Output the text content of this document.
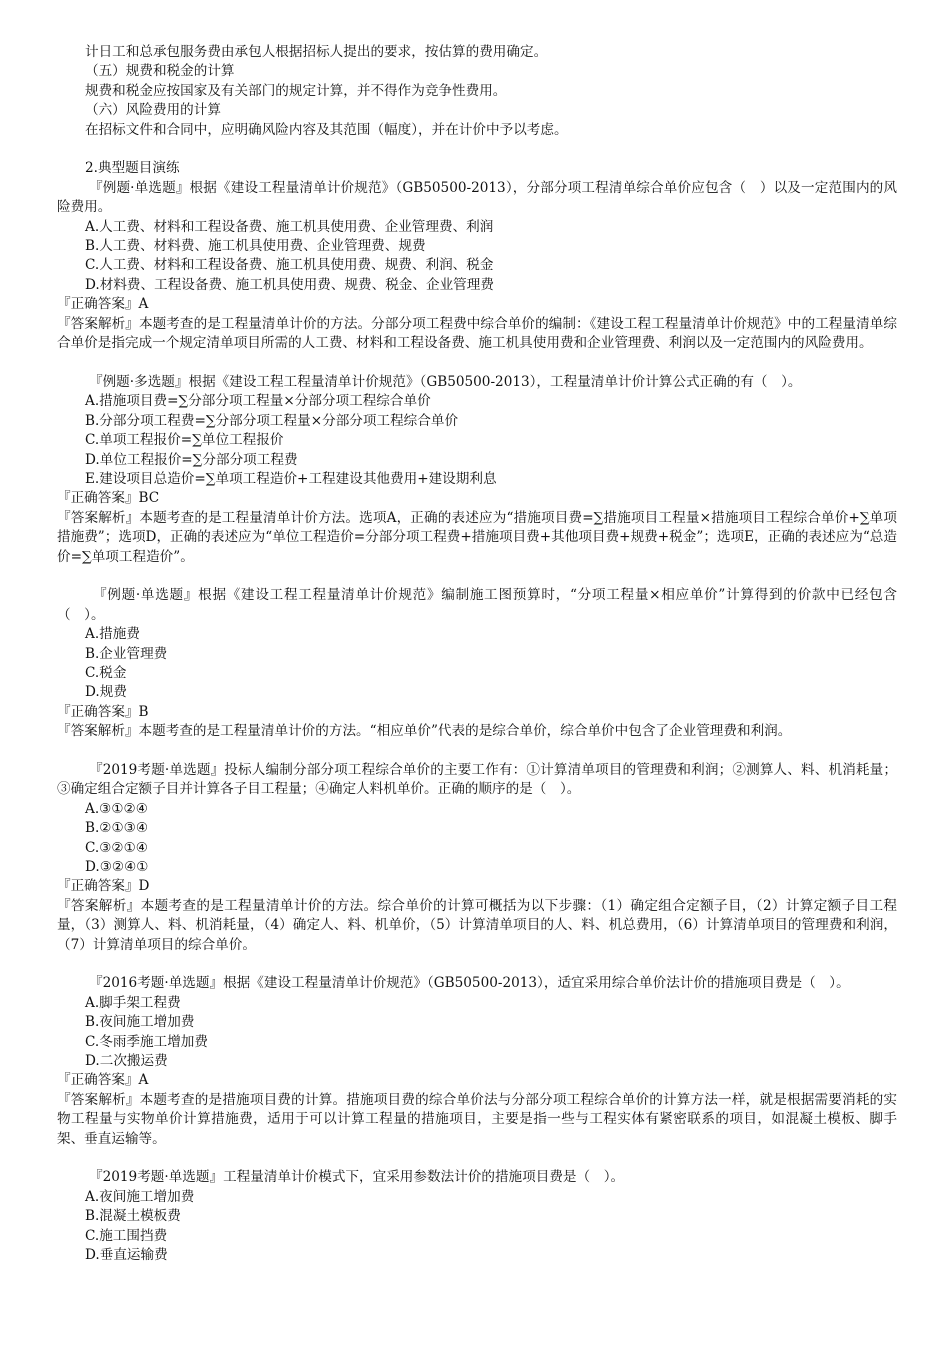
计日工和总承包服务费由承包人根据招标人提出的要求，按估算的费用确定。

（五）规费和税金的计算

规费和税金应按国家及有关部门的规定计算，并不得作为竞争性费用。

（六）风险费用的计算

在招标文件和合同中，应明确风险内容及其范围（幅度），并在计价中予以考虑。

2.典型题目演练

『例题·单选题』根据《建设工程量清单计价规范》（GB50500-2013），分部分项工程清单综合单价应包含（　）以及一定范围内的风险费用。

A.人工费、材料和工程设备费、施工机具使用费、企业管理费、利润

B.人工费、材料费、施工机具使用费、企业管理费、规费

C.人工费、材料和工程设备费、施工机具使用费、规费、利润、税金

D.材料费、工程设备费、施工机具使用费、规费、税金、企业管理费

『正确答案』A

『答案解析』本题考查的是工程量清单计价的方法。分部分项工程费中综合单价的编制：《建设工程工程量清单计价规范》中的工程量清单综合单价是指完成一个规定清单项目所需的人工费、材料和工程设备费、施工机具使用费和企业管理费、利润以及一定范围内的风险费用。

『例题·多选题』根据《建设工程工程量清单计价规范》（GB50500-2013），工程量清单计价计算公式正确的有（　）。

A.措施项目费=∑分部分项工程量×分部分项工程综合单价

B.分部分项工程费=∑分部分项工程量×分部分项工程综合单价

C.单项工程报价=∑单位工程报价

D.单位工程报价=∑分部分项工程费

E.建设项目总造价=∑单项工程造价+工程建设其他费用+建设期利息

『正确答案』BC

『答案解析』本题考查的是工程量清单计价方法。选项A，正确的表述应为“措施项目费=∑措施项目工程量×措施项目工程综合单价+∑单项措施费”；选项D，正确的表述应为“单位工程造价=分部分项工程费+措施项目费+其他项目费+规费+税金”；选项E，正确的表述应为“总造价=∑单项工程造价”。

『例题·单选题』根据《建设工程工程量清单计价规范》编制施工图预算时，“分项工程量×相应单价”计算得到的价款中已经包含（　）。

A.措施费

B.企业管理费

C.税金

D.规费

『正确答案』B

『答案解析』本题考查的是工程量清单计价的方法。“相应单价”代表的是综合单价，综合单价中包含了企业管理费和利润。

『2019考题·单选题』投标人编制分部分项工程综合单价的主要工作有：①计算清单项目的管理费和利润；②测算人、料、机消耗量；③确定组合定额子目并计算各子目工程量；④确定人料机单价。正确的顺序的是（　）。

A.③①②④

B.②①③④

C.③②①④

D.③②④①

『正确答案』D

『答案解析』本题考查的是工程量清单计价的方法。综合单价的计算可概括为以下步骤：（1）确定组合定额子目，（2）计算定额子目工程量，（3）测算人、料、机消耗量，（4）确定人、料、机单价，（5）计算清单项目的人、料、机总费用，（6）计算清单项目的管理费和利润，（7）计算清单项目的综合单价。

『2016考题·单选题』根据《建设工程量清单计价规范》（GB50500-2013），适宜采用综合单价法计价的措施项目费是（　）。

A.脚手架工程费

B.夜间施工增加费

C.冬雨季施工增加费

D.二次搬运费

『正确答案』A

『答案解析』本题考查的是措施项目费的计算。措施项目费的综合单价法与分部分项工程综合单价的计算方法一样，就是根据需要消耗的实物工程量与实物单价计算措施费，适用于可以计算工程量的措施项目，主要是指一些与工程实体有紧密联系的项目，如混凝土模板、脚手架、垂直运输等。

『2019考题·单选题』工程量清单计价模式下，宜采用参数法计价的措施项目费是（　）。

A.夜间施工增加费

B.混凝土模板费

C.施工围挡费

D.垂直运输费
